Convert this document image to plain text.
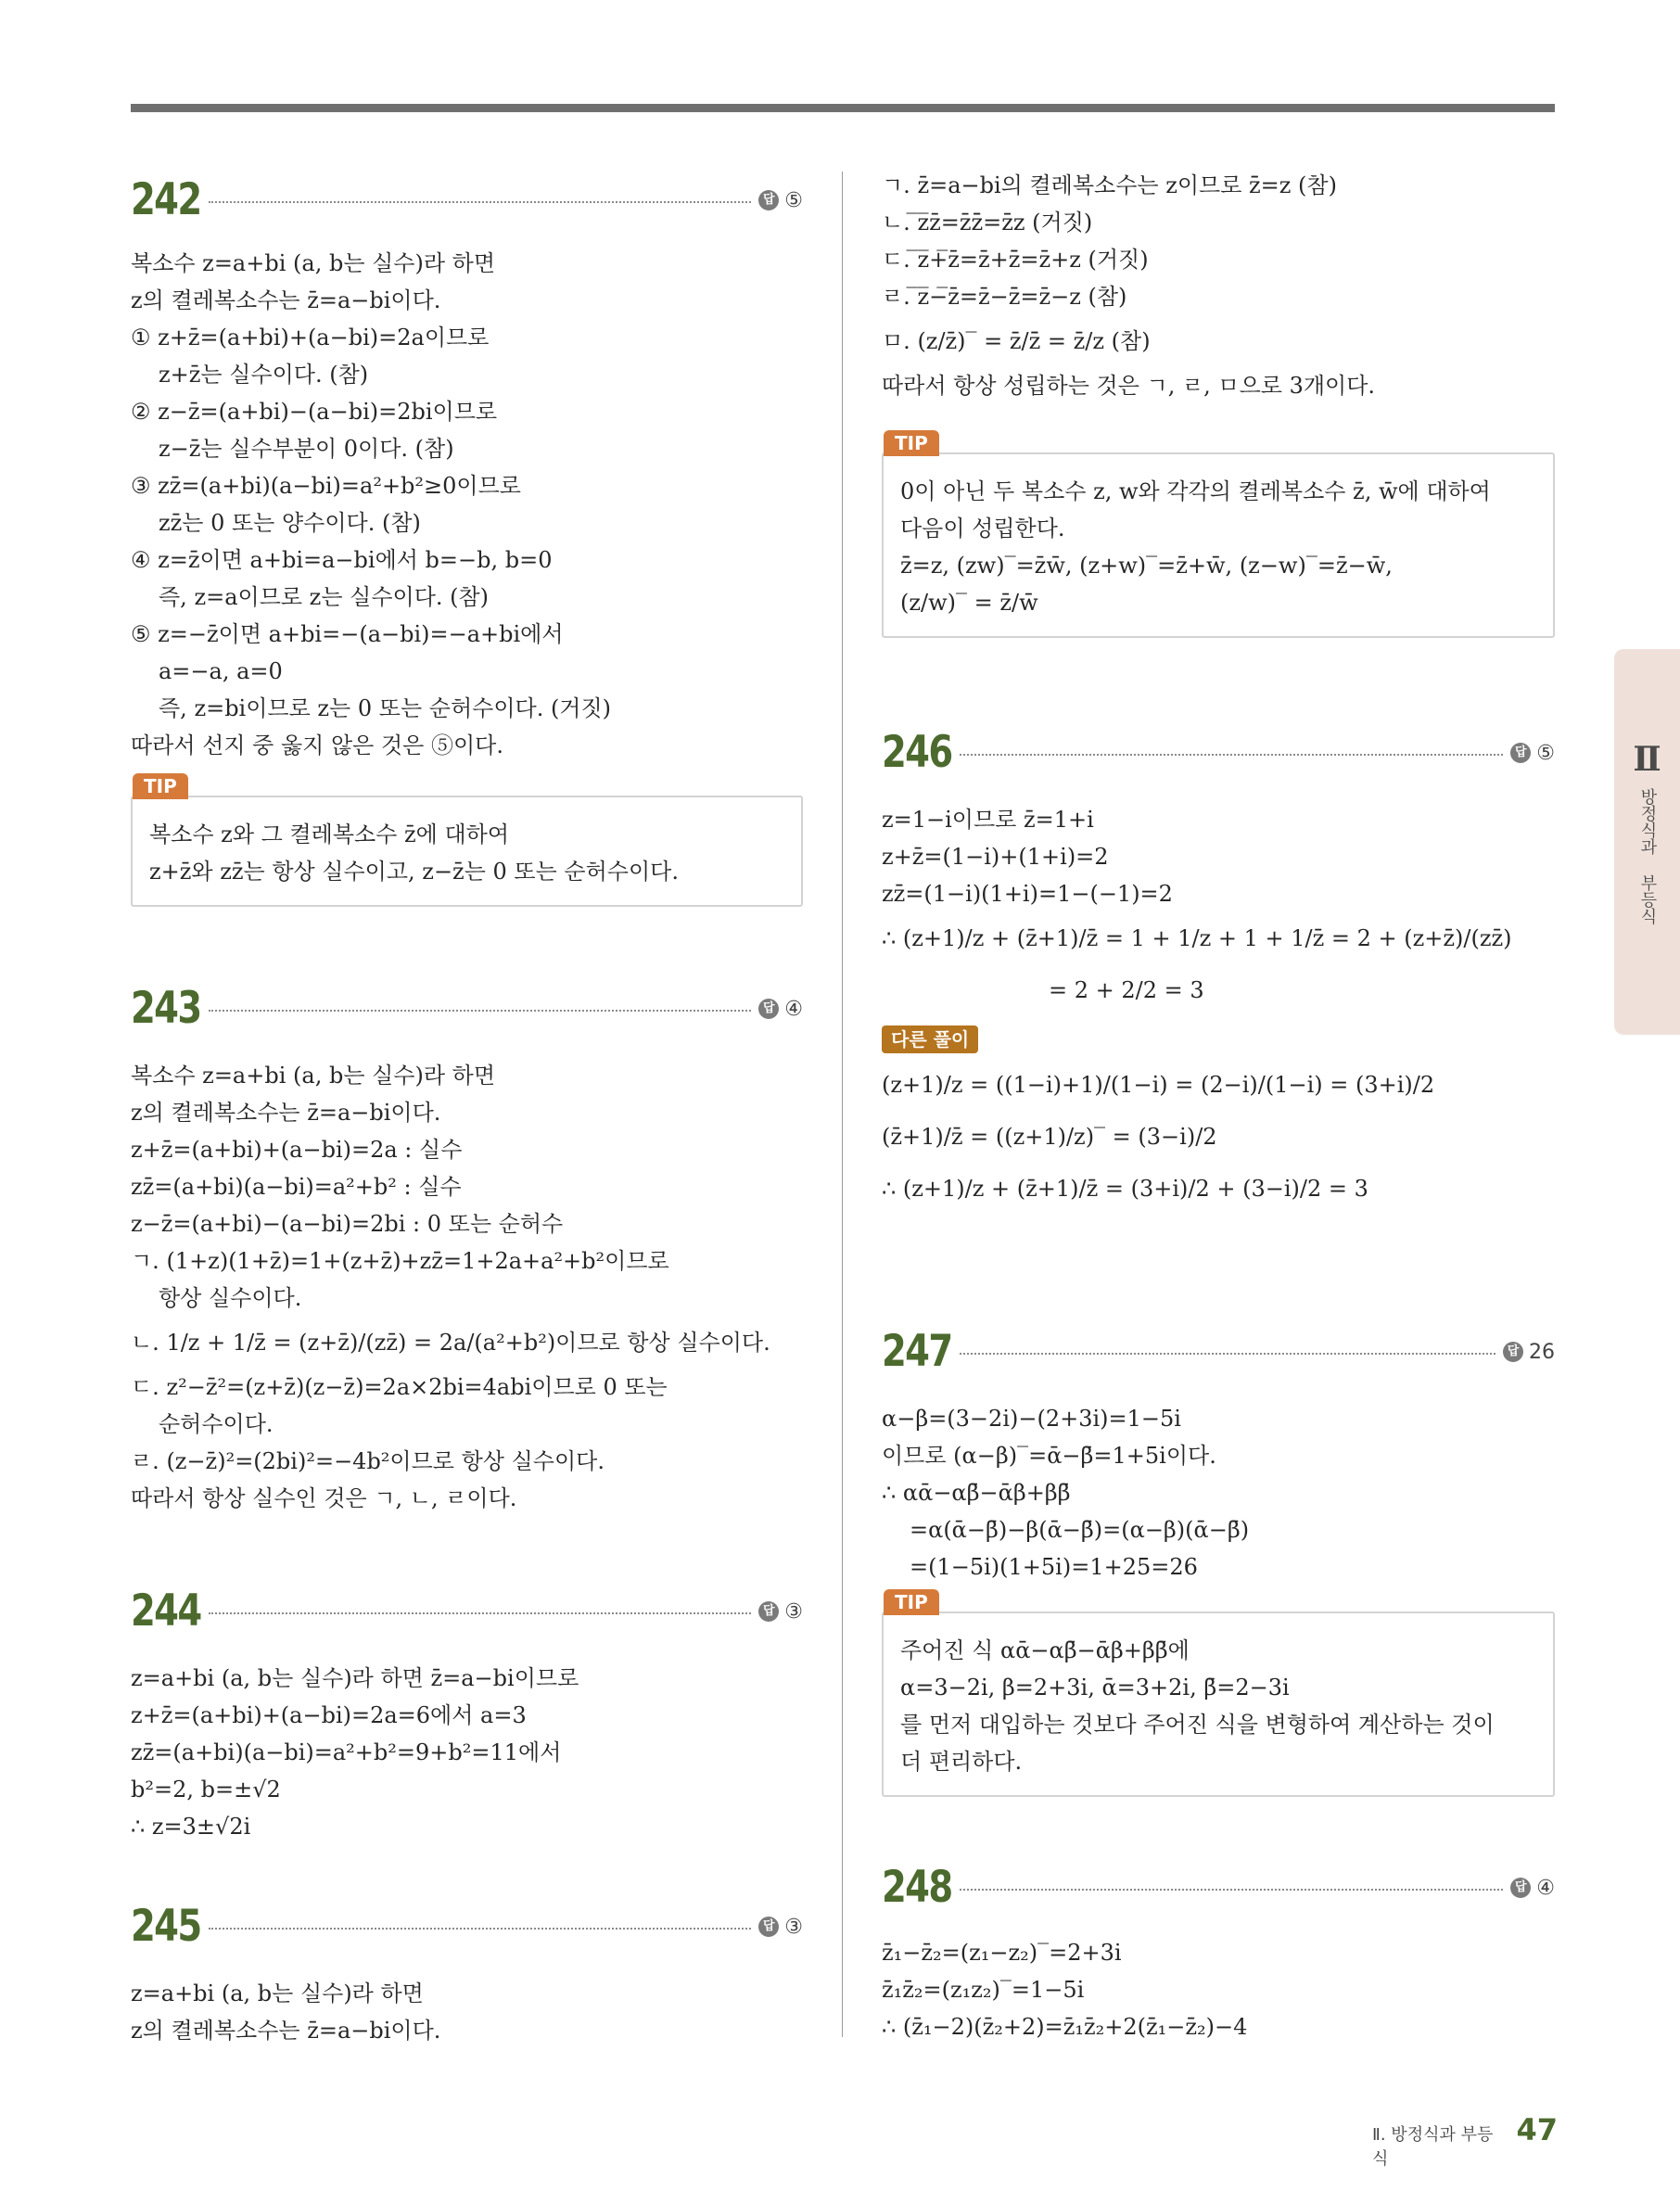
242	답 ⑤
복소수 z=a+bi (a, b는 실수)라 하면
z의 켤레복소수는 z̄=a−bi이다.
① z+z̄=(a+bi)+(a−bi)=2a이므로
z+z̄는 실수이다. (참)
② z−z̄=(a+bi)−(a−bi)=2bi이므로
z−z̄는 실수부분이 0이다. (참)
③ zz̄=(a+bi)(a−bi)=a²+b²≥0이므로
zz̄는 0 또는 양수이다. (참)
④ z=z̄이면 a+bi=a−bi에서 b=−b, b=0
즉, z=a이므로 z는 실수이다. (참)
⑤ z=−z̄이면 a+bi=−(a−bi)=−a+bi에서
a=−a, a=0
즉, z=bi이므로 z는 0 또는 순허수이다. (거짓)
따라서 선지 중 옳지 않은 것은 ⑤이다.
TIP
복소수 z와 그 켤레복소수 z̄에 대하여
z+z̄와 zz̄는 항상 실수이고, z−z̄는 0 또는 순허수이다.
243	답 ④
복소수 z=a+bi (a, b는 실수)라 하면
z의 켤레복소수는 z̄=a−bi이다.
z+z̄=(a+bi)+(a−bi)=2a : 실수
zz̄=(a+bi)(a−bi)=a²+b² : 실수
z−z̄=(a+bi)−(a−bi)=2bi : 0 또는 순허수
ㄱ. (1+z)(1+z̄)=1+(z+z̄)+zz̄=1+2a+a²+b²이므로
항상 실수이다.
ㄴ. 1/z + 1/z̄ = (z+z̄)/(zz̄) = 2a/(a²+b²)이므로 항상 실수이다.
ㄷ. z²−z̄²=(z+z̄)(z−z̄)=2a×2bi=4abi이므로 0 또는
순허수이다.
ㄹ. (z−z̄)²=(2bi)²=−4b²이므로 항상 실수이다.
따라서 항상 실수인 것은 ㄱ, ㄴ, ㄹ이다.
244	답 ③
z=a+bi (a, b는 실수)라 하면 z̄=a−bi이므로
z+z̄=(a+bi)+(a−bi)=2a=6에서 a=3
zz̄=(a+bi)(a−bi)=a²+b²=9+b²=11에서
b²=2, b=±√2
∴ z=3±√2i
245	답 ③
z=a+bi (a, b는 실수)라 하면
z의 켤레복소수는 z̄=a−bi이다.
ㄱ. z̄=a−bi의 켤레복소수는 z이므로 z̄̄=z (참)
ㄴ. ̅z̅z̄=z̄z̄̄=z̄z (거짓)
ㄷ. ̅z̅+̅z̄=z̄+z̄̄=z̄+z (거짓)
ㄹ. ̅z̅−̅z̄=z̄−z̄̄=z̄−z (참)
ㅁ. (z/z̄)‾ = z̄/z̄̄ = z̄/z (참)
따라서 항상 성립하는 것은 ㄱ, ㄹ, ㅁ으로 3개이다.
TIP
0이 아닌 두 복소수 z, w와 각각의 켤레복소수 z̄, w̄에 대하여
다음이 성립한다.
z̄̄=z, (zw)‾=z̄w̄, (z+w)‾=z̄+w̄, (z−w)‾=z̄−w̄,
(z/w)‾ = z̄/w̄
246	답 ⑤
z=1−i이므로 z̄=1+i
z+z̄=(1−i)+(1+i)=2
zz̄=(1−i)(1+i)=1−(−1)=2
∴ (z+1)/z + (z̄+1)/z̄ = 1 + 1/z + 1 + 1/z̄ = 2 + (z+z̄)/(zz̄)
= 2 + 2/2 = 3
다른 풀이
(z+1)/z = ((1−i)+1)/(1−i) = (2−i)/(1−i) = (3+i)/2
(z̄+1)/z̄ = ((z+1)/z)‾ = (3−i)/2
∴ (z+1)/z + (z̄+1)/z̄ = (3+i)/2 + (3−i)/2 = 3
247	답 26
α−β=(3−2i)−(2+3i)=1−5i
이므로 (α−β)‾=ᾱ−β̄=1+5i이다.
∴ αᾱ−αβ̄−ᾱβ+ββ̄
=α(ᾱ−β̄)−β(ᾱ−β̄)=(α−β)(ᾱ−β̄)
=(1−5i)(1+5i)=1+25=26
TIP
주어진 식 αᾱ−αβ̄−ᾱβ+ββ̄에
α=3−2i, β=2+3i, ᾱ=3+2i, β̄=2−3i
를 먼저 대입하는 것보다 주어진 식을 변형하여 계산하는 것이
더 편리하다.
248	답 ④
z̄₁−z̄₂=(z₁−z₂)‾=2+3i
z̄₁z̄₂=(z₁z₂)‾=1−5i
∴ (z̄₁−2)(z̄₂+2)=z̄₁z̄₂+2(z̄₁−z̄₂)−4
Ⅱ
방정식과 부등식
Ⅱ. 방정식과 부등식
47
